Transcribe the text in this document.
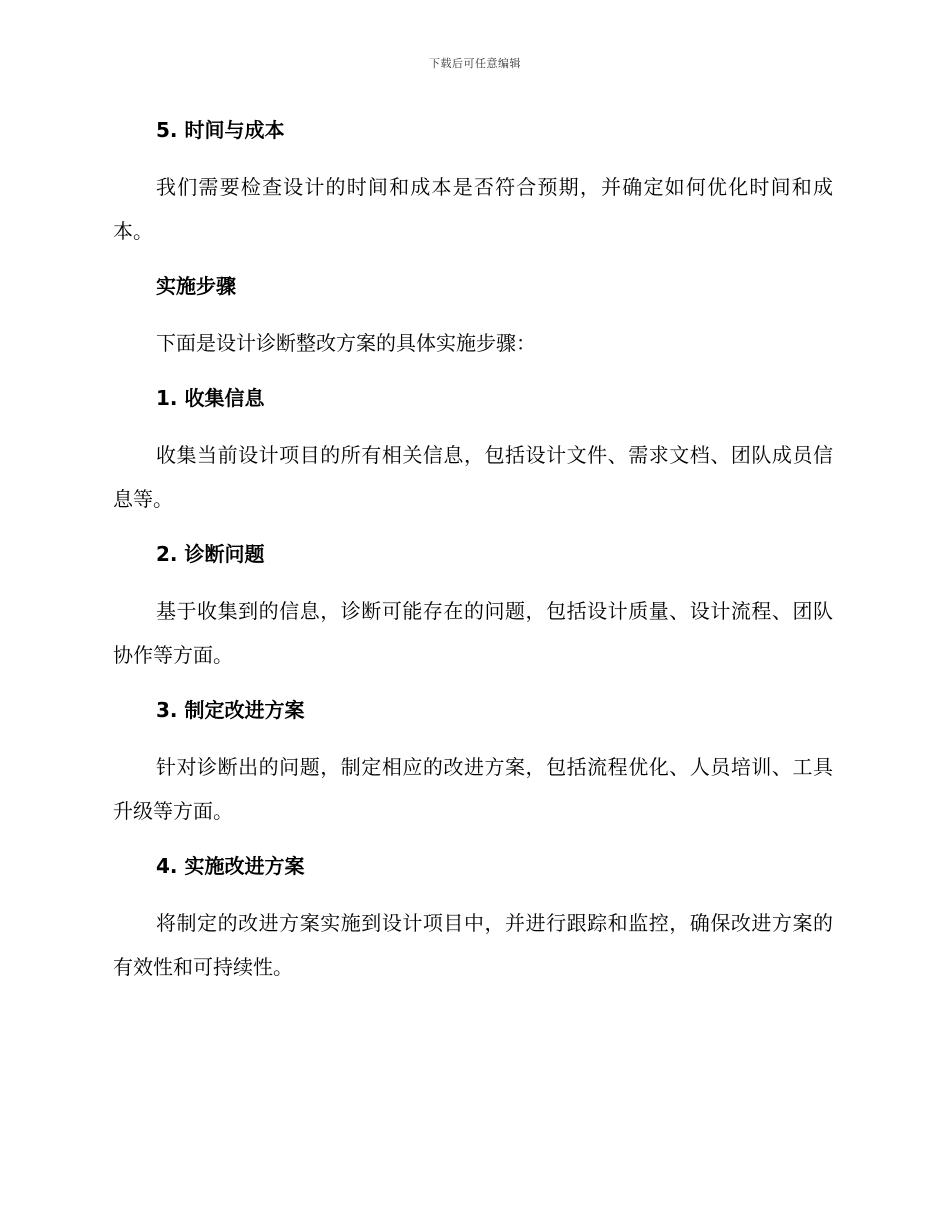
下载后可任意编辑
5. 时间与成本

我们需要检查设计的时间和成本是否符合预期，并确定如何优化时间和成本。

实施步骤

下面是设计诊断整改方案的具体实施步骤：

1. 收集信息

收集当前设计项目的所有相关信息，包括设计文件、需求文档、团队成员信息等。

2. 诊断问题

基于收集到的信息，诊断可能存在的问题，包括设计质量、设计流程、团队协作等方面。

3. 制定改进方案

针对诊断出的问题，制定相应的改进方案，包括流程优化、人员培训、工具升级等方面。

4. 实施改进方案

将制定的改进方案实施到设计项目中，并进行跟踪和监控，确保改进方案的有效性和可持续性。
